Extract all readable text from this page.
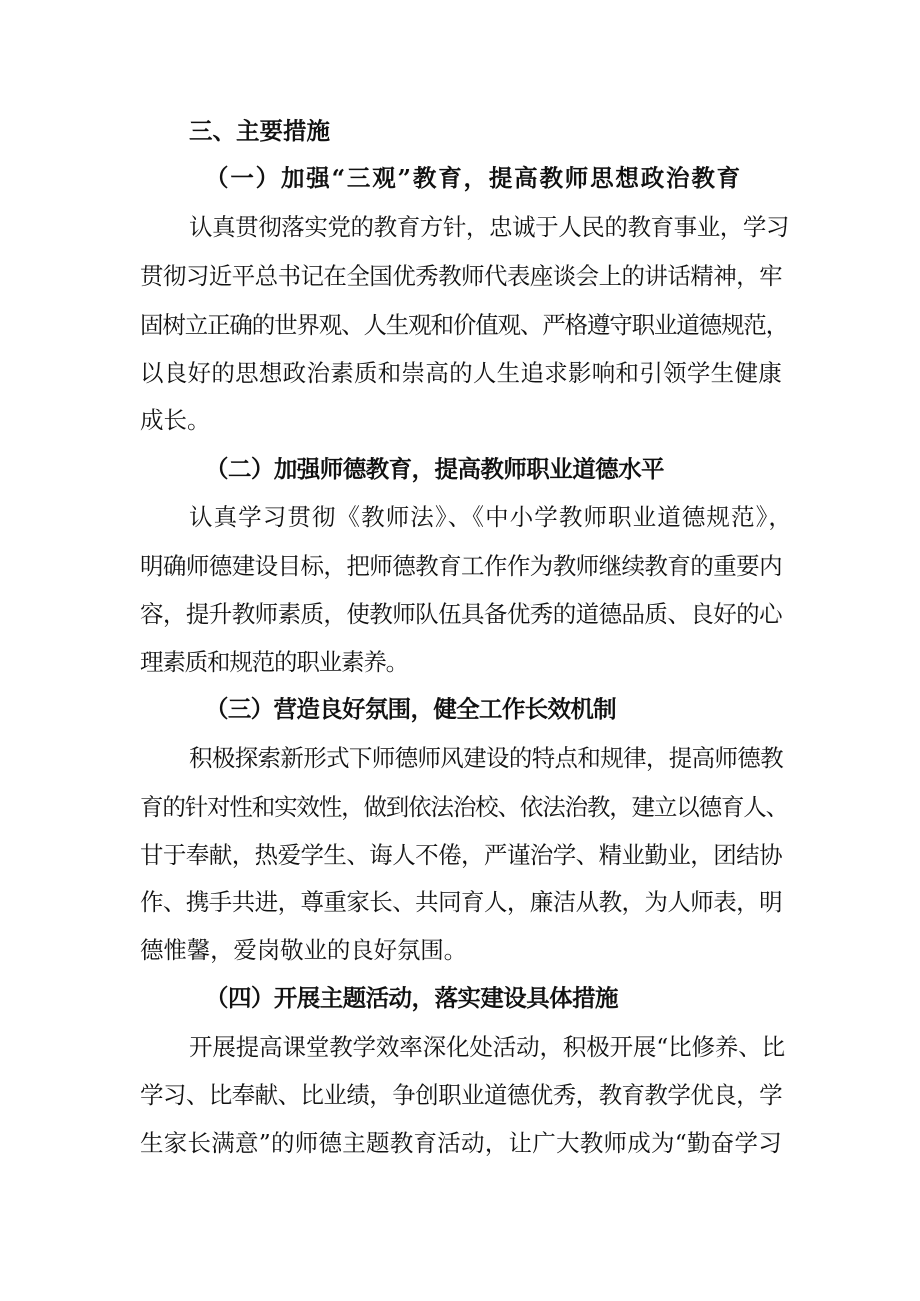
三、主要措施
（一）加强“三观”教育，提高教师思想政治教育
认真贯彻落实党的教育方针，忠诚于人民的教育事业，学习
贯彻习近平总书记在全国优秀教师代表座谈会上的讲话精神，牢
固树立正确的世界观、人生观和价值观、严格遵守职业道德规范，
以良好的思想政治素质和崇高的人生追求影响和引领学生健康
成长。
（二）加强师德教育，提高教师职业道德水平
认真学习贯彻《教师法》、《中小学教师职业道德规范》，
明确师德建设目标，把师德教育工作作为教师继续教育的重要内
容，提升教师素质，使教师队伍具备优秀的道德品质、良好的心
理素质和规范的职业素养。
（三）营造良好氛围，健全工作长效机制
积极探索新形式下师德师风建设的特点和规律，提高师德教
育的针对性和实效性，做到依法治校、依法治教，建立以德育人、
甘于奉献，热爱学生、诲人不倦，严谨治学、精业勤业，团结协
作、携手共进，尊重家长、共同育人，廉洁从教，为人师表，明
德惟馨，爱岗敬业的良好氛围。
（四）开展主题活动，落实建设具体措施
开展提高课堂教学效率深化处活动，积极开展“比修养、比
学习、比奉献、比业绩，争创职业道德优秀，教育教学优良，学
生家长满意”的师德主题教育活动，让广大教师成为“勤奋学习
